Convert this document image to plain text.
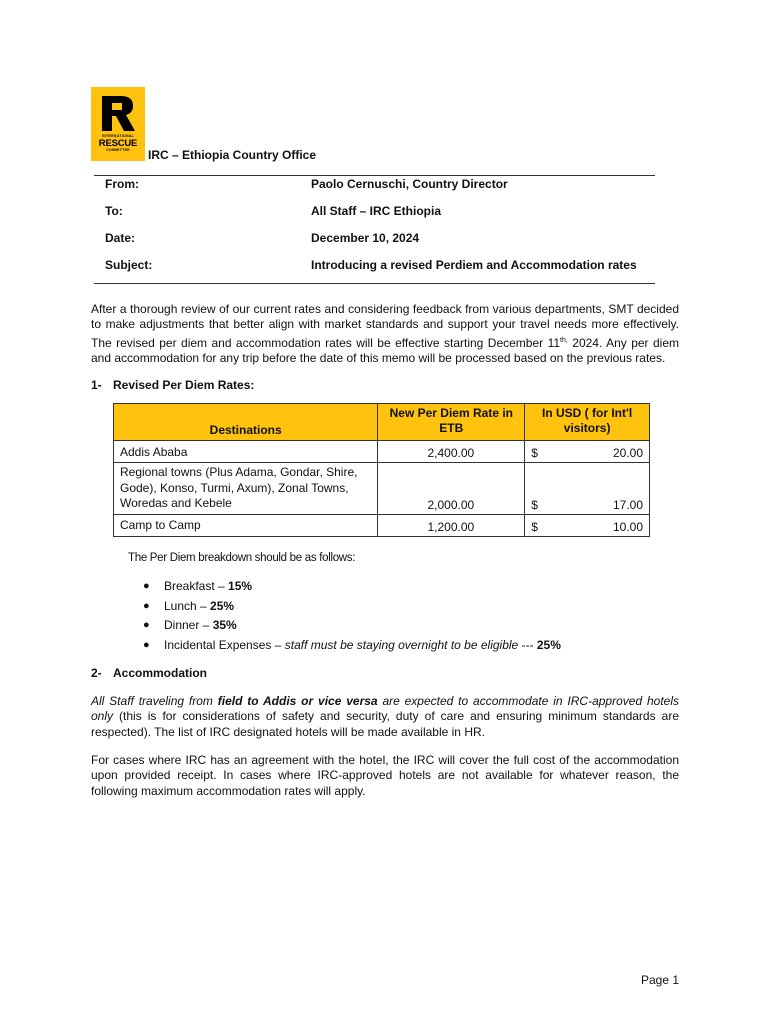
INTERNATIONAL
RESCUE
COMMITTEE	IRC – Ethiopia Country Office
From:	Paolo Cernuschi, Country Director
To:	All Staff – IRC Ethiopia
Date:	December 10, 2024
Subject:	Introducing a revised Perdiem and Accommodation rates

After a thorough review of our current rates and considering feedback from various departments, SMT decided to make adjustments that better align with market standards and support your travel needs more effectively. The revised per diem and accommodation rates will be effective starting December $11^{th,}$ 2024. Any per diem and accommodation for any trip before the date of this memo will be processed based on the previous rates.

1- Revised Per Diem Rates:
Destinations	New Per Diem Rate in ETB	In USD ( for Int'l visitors)
Addis Ababa	2,400.00	$ 20.00

Regional towns (Plus Adama, Gondar, Shire, Gode), Konso, Turmi, Axum), Zonal Towns, Woredas and Kebele	2,000.00	$ 17.00

Camp to Camp	1,200.00	$ 10.00
The Per Diem breakdown should be as follows:
● Breakfast – 15%
● Lunch – 25%
● Dinner – 35%
● Incidental Expenses – staff must be staying overnight to be eligible --- 25%
2- Accommodation

All Staff traveling from field to Addis or vice versa are expected to accommodate in IRC-approved hotels only (this is for considerations of safety and security, duty of care and ensuring minimum standards are respected). The list of IRC designated hotels will be made available in HR.

For cases where IRC has an agreement with the hotel, the IRC will cover the full cost of the accommodation upon provided receipt. In cases where IRC-approved hotels are not available for whatever reason, the following maximum accommodation rates will apply.

Page 1
